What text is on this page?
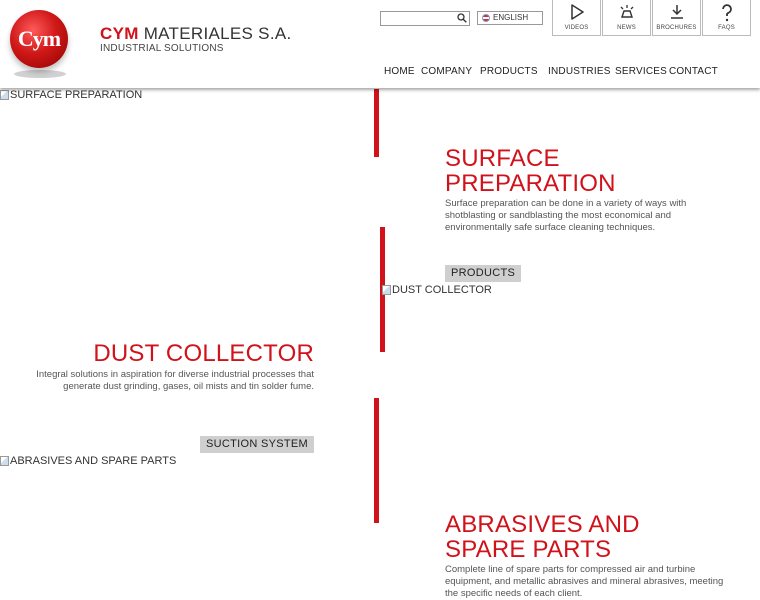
Cym	CYM MATERIALES S.A.
INDUSTRIAL SOLUTIONS
ENGLISH
VIDEOS	NEWS	BROCHURES	FAQS
HOME COMPANY PRODUCTS INDUSTRIES SERVICES CONTACT
SURFACE PREPARATION
SURFACE
PREPARATION
Surface preparation can be done in a variety of ways with shotblasting or sandblasting the most economical and environmentally safe surface cleaning techniques.
PRODUCTS
DUST COLLECTOR
DUST COLLECTOR
Integral solutions in aspiration for diverse industrial processes that generate dust grinding, gases, oil mists and tin solder fume.
SUCTION SYSTEM
ABRASIVES AND SPARE PARTS
ABRASIVES AND
SPARE PARTS
Complete line of spare parts for compressed air and turbine equipment, and metallic abrasives and mineral abrasives, meeting the specific needs of each client.
